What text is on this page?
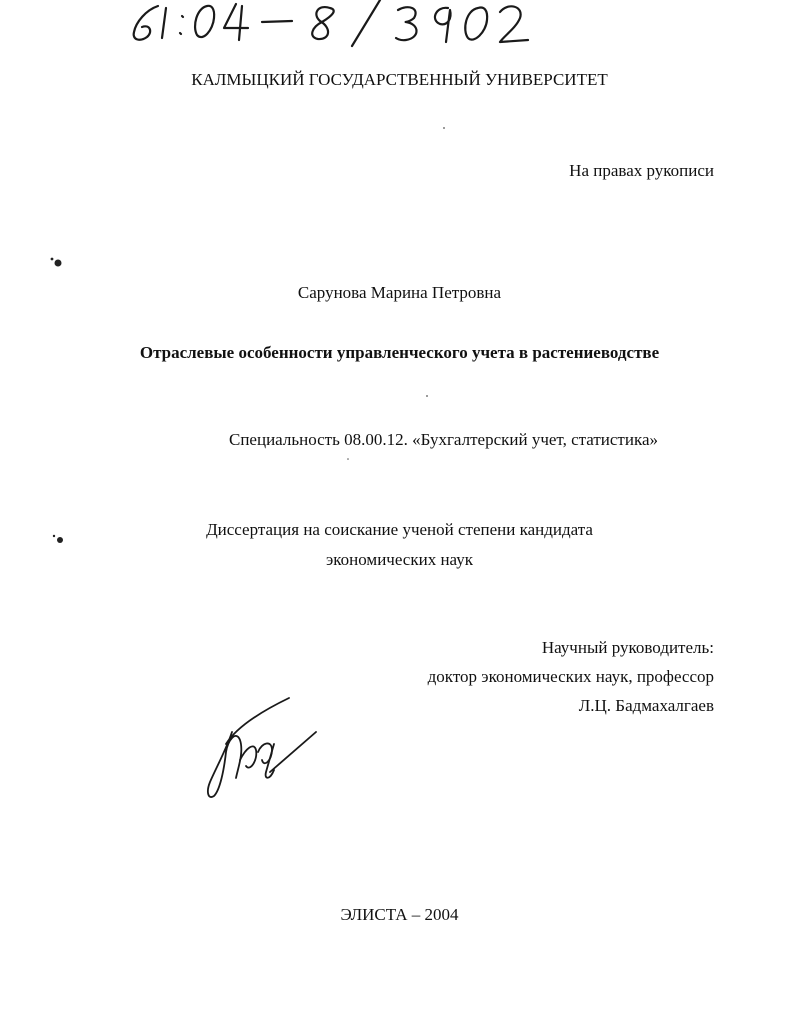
КАЛМЫЦКИЙ ГОСУДАРСТВЕННЫЙ УНИВЕРСИТЕТ
На правах рукописи
Сарунова Марина Петровна
Отраслевые особенности управленческого учета в растениеводстве
Специальность 08.00.12. «Бухгалтерский учет, статистика»
Диссертация на соискание ученой степени кандидата
экономических наук
Научный руководитель:
доктор экономических наук, профессор
Л.Ц. Бадмахалгаев
ЭЛИСТА – 2004
